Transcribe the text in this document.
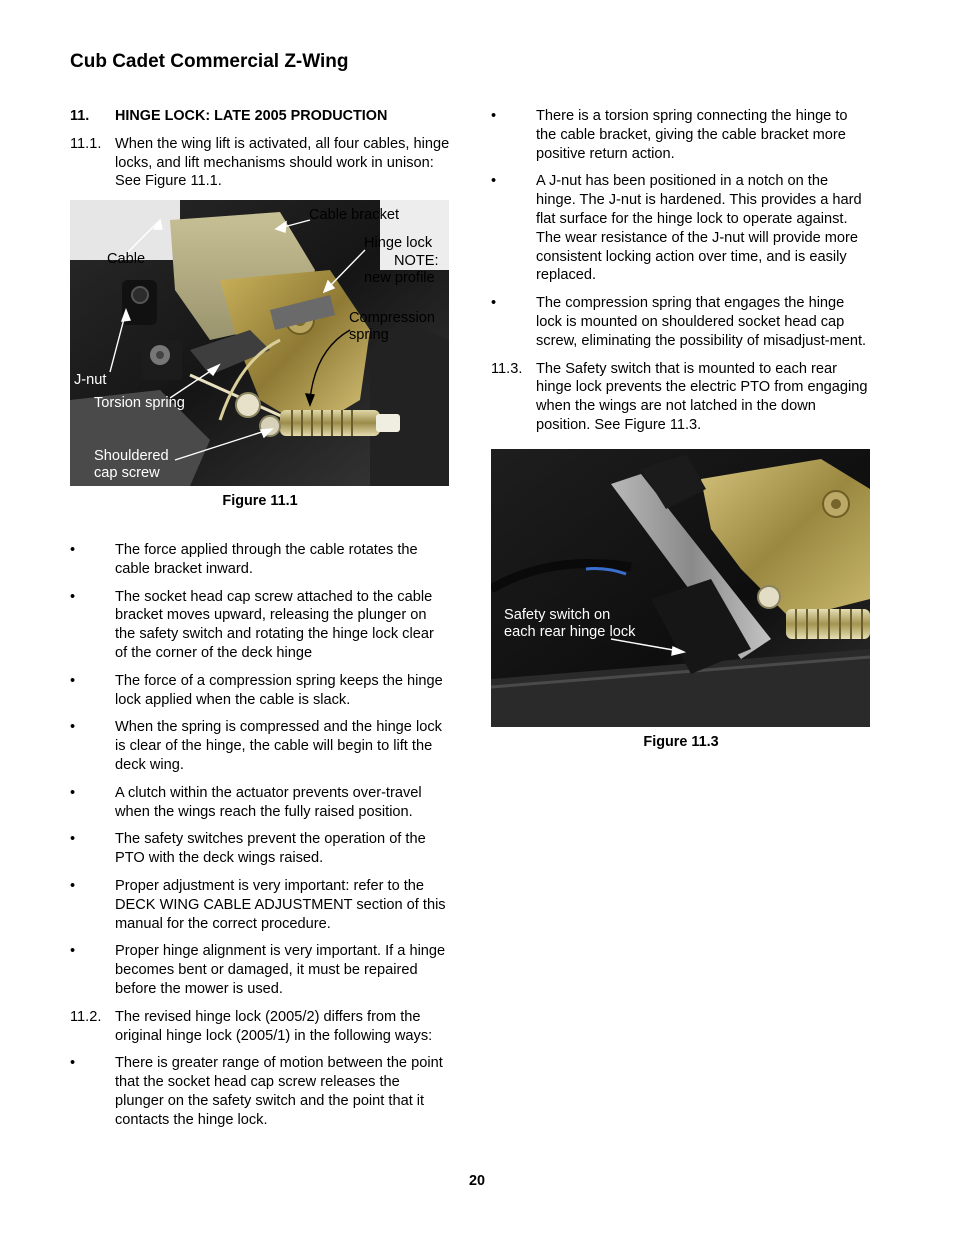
Cub Cadet Commercial Z-Wing
11.	HINGE LOCK: LATE 2005 PRODUCTION
11.1. When the wing lift is activated, all four cables, hinge locks, and lift mechanisms should work in unison: See Figure 11.1.
Cable bracket
Cable
Hinge lock
NOTE:
new profile
Compression
spring
J-nut
Torsion spring
Shouldered
cap screw
Figure 11.1
•	The force applied through the cable rotates the cable bracket inward.
•	The socket head cap screw attached to the cable bracket moves upward, releasing the plunger on the safety switch and rotating the hinge lock clear of the corner of the deck hinge
•	The force of a compression spring keeps the hinge lock applied when the cable is slack.
•	When the spring is compressed and the hinge lock is clear of the hinge, the cable will begin to lift the deck wing.
•	A clutch within the actuator prevents over-travel when the wings reach the fully raised position.
•	The safety switches prevent the operation of the PTO with the deck wings raised.
•	Proper adjustment is very important: refer to the DECK WING CABLE ADJUSTMENT section of this manual for the correct procedure.
•	Proper hinge alignment is very important. If a hinge becomes bent or damaged, it must be repaired before the mower is used.
11.2. The revised hinge lock (2005/2) differs from the original hinge lock (2005/1) in the following ways:
•	There is greater range of motion between the point that the socket head cap screw releases the plunger on the safety switch and the point that it contacts the hinge lock.
•	There is a torsion spring connecting the hinge to the cable bracket, giving the cable bracket more positive return action.
•	A J-nut has been positioned in a notch on the hinge. The J-nut is hardened. This provides a hard flat surface for the hinge lock to operate against. The wear resistance of the J-nut will provide more consistent locking action over time, and is easily replaced.
•	The compression spring that engages the hinge lock is mounted on shouldered socket head cap screw, eliminating the possibility of misadjust-ment.
11.3. The Safety switch that is mounted to each rear hinge lock prevents the electric PTO from engaging when the wings are not latched in the down position. See Figure 11.3.
Safety switch on
each rear hinge lock
Figure 11.3
20
